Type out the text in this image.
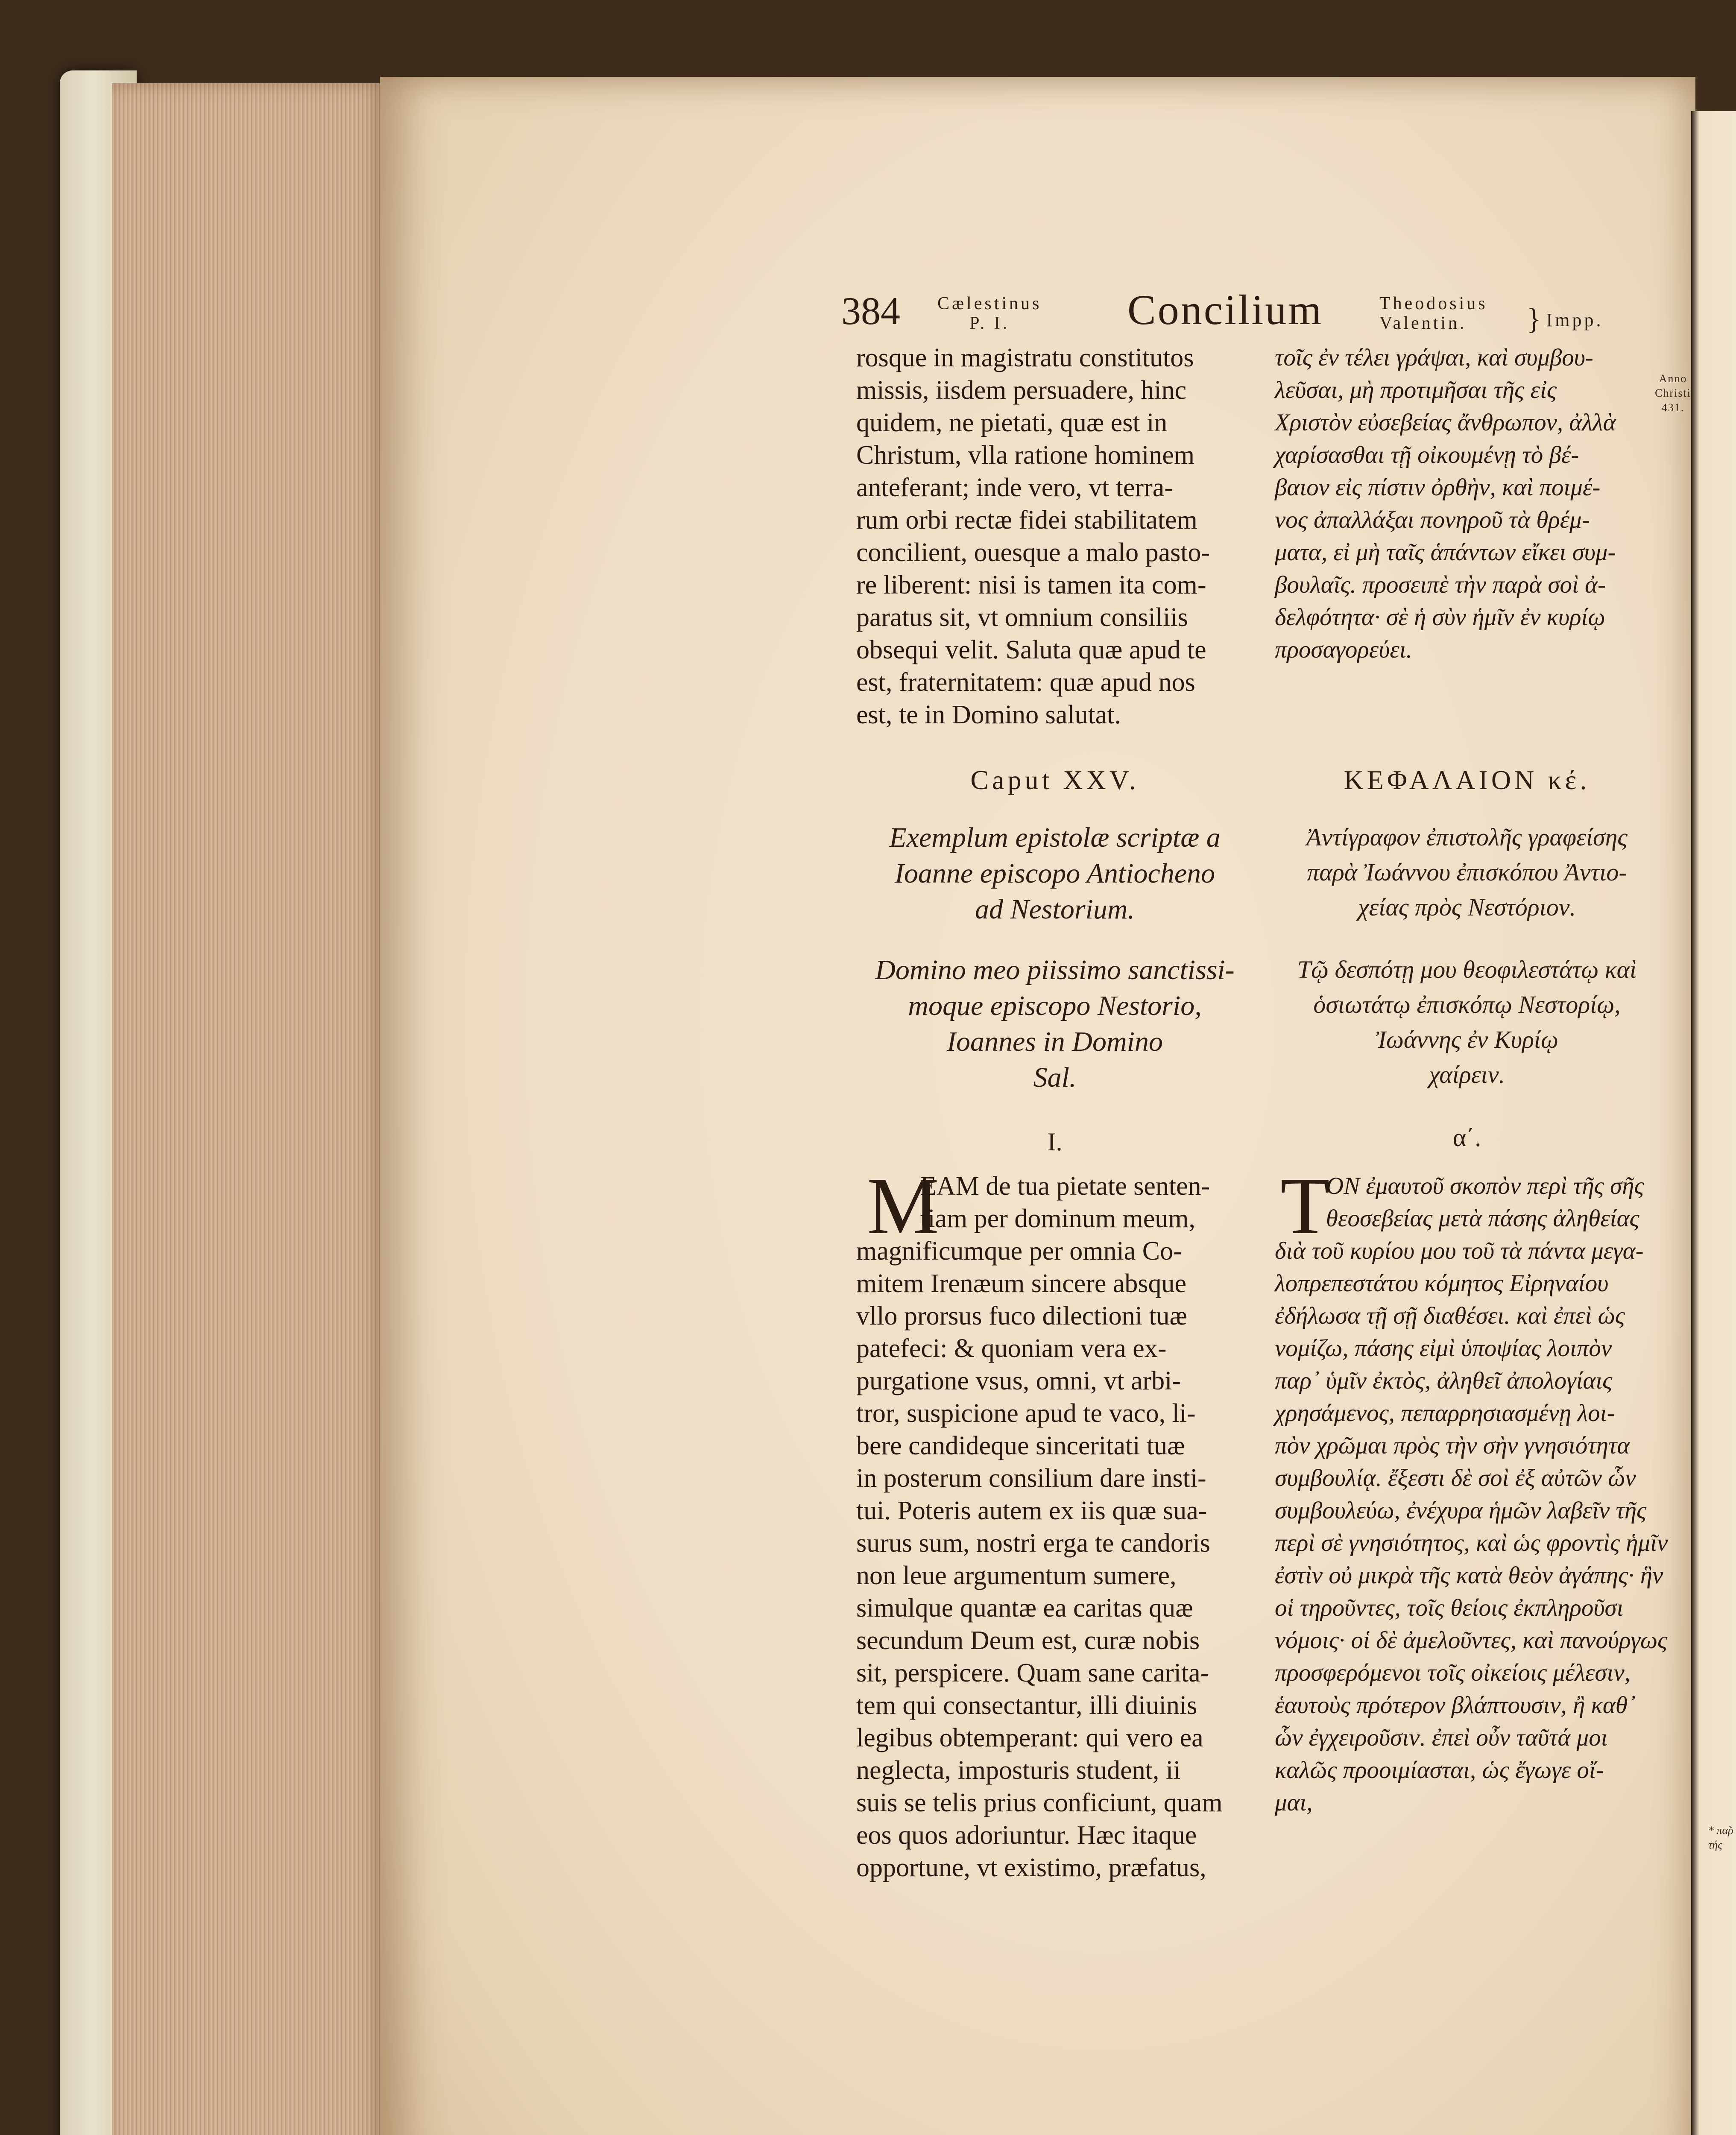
* πα̃ρ
τής
384 Cælestinus
P. I.	Concilium	Theodosius
Valentin.	} Impp.
Anno
Christi
431.
rosque in magistratu constitutos
missis, iisdem persuadere, hinc
quidem, ne pietati, quæ est in
Christum, vlla ratione hominem
anteferant; inde vero, vt terra-
rum orbi rectæ fidei stabilitatem
concilient, ouesque a malo pasto-
re liberent: nisi is tamen ita com-
paratus sit, vt omnium consiliis
obsequi velit. Saluta quæ apud te
est, fraternitatem: quæ apud nos
est, te in Domino salutat.
τοῖς ἐν τέλει γράψαι, καὶ συμβου-
λεῦσαι, μὴ προτιμῆσαι τῆς εἰς
Χριστὸν εὐσεβείας ἄνθρωπον, ἀλλὰ
χαρίσασθαι τῇ οἰκουμένῃ τὸ βέ-
βαιον εἰς πίστιν ὀρθὴν, καὶ ποιμέ-
νος ἀπαλλάξαι πονηροῦ τὰ θρέμ-
ματα, εἰ μὴ ταῖς ἁπάντων εἴκει συμ-
βουλαῖς. προσειπὲ τὴν παρὰ σοὶ ἀ-
δελφότητα· σὲ ἡ σὺν ἡμῖν ἐν κυρίῳ
προσαγορεύει.
Caput XXV.	ΚΕΦΑΛΑΙΟΝ κέ.
Exemplum epistolæ scriptæ a
Ioanne episcopo Antiocheno
ad Nestorium.
Ἀντίγραφον ἐπιστολῆς γραφείσης
παρὰ Ἰωάννου ἐπισκόπου Ἀντιο-
χείας πρὸς Νεστόριον.
Domino meo piissimo sanctissi-
moque episcopo Nestorio,
Ioannes in Domino
Sal.
Τῷ δεσπότῃ μου θεοφιλεστάτῳ καὶ
ὁσιωτάτῳ ἐπισκόπῳ Νεστορίῳ,
Ἰωάννης ἐν Κυρίῳ
χαίρειν.
I.	α΄.
M
EAM de tua pietate senten-
tiam per dominum meum,
magnificumque per omnia Co-
mitem Irenæum sincere absque
vllo prorsus fuco dilectioni tuæ
patefeci: & quoniam vera ex-
purgatione vsus, omni, vt arbi-
tror, suspicione apud te vaco, li-
bere candideque sinceritati tuæ
in posterum consilium dare insti-
tui. Poteris autem ex iis quæ sua-
surus sum, nostri erga te candoris
non leue argumentum sumere,
simulque quantæ ea caritas quæ
secundum Deum est, curæ nobis
sit, perspicere. Quam sane carita-
tem qui consectantur, illi diuinis
legibus obtemperant: qui vero ea
neglecta, imposturis student, ii
suis se telis prius conficiunt, quam
eos quos adoriuntur. Hæc itaque
opportune, vt existimo, præfatus,
T
ΟΝ ἐμαυτοῦ σκοπὸν περὶ τῆς σῆς
θεοσεβείας μετὰ πάσης ἀληθείας
διὰ τοῦ κυρίου μου τοῦ τὰ πάντα μεγα-
λοπρεπεστάτου κόμητος Εἰρηναίου
ἐδήλωσα τῇ σῇ διαθέσει. καὶ ἐπεὶ ὡς
νομίζω, πάσης εἰμὶ ὑποψίας λοιπὸν
παρ᾽ ὑμῖν ἐκτὸς, ἀληθεῖ ἀπολογίαις
χρησάμενος, πεπαρρησιασμένῃ λοι-
πὸν χρῶμαι πρὸς τὴν σὴν γνησιότητα
συμβουλίᾳ. ἔξεστι δὲ σοὶ ἐξ αὐτῶν ὧν
συμβουλεύω, ἐνέχυρα ἡμῶν λαβεῖν τῆς
περὶ σὲ γνησιότητος, καὶ ὡς φροντὶς ἡμῖν
ἐστὶν οὐ μικρὰ τῆς κατὰ θεὸν ἀγάπης· ἣν
οἱ τηροῦντες, τοῖς θείοις ἐκπληροῦσι
νόμοις· οἱ δὲ ἀμελοῦντες, καὶ πανούργως
προσφερόμενοι τοῖς οἰκείοις μέλεσιν,
ἑαυτοὺς πρότερον βλάπτουσιν, ἢ καθ᾽
ὧν ἐγχειροῦσιν. ἐπεὶ οὖν ταῦτά μοι
καλῶς προοιμίασται, ὡς ἔγωγε οἴ-
μαι,
